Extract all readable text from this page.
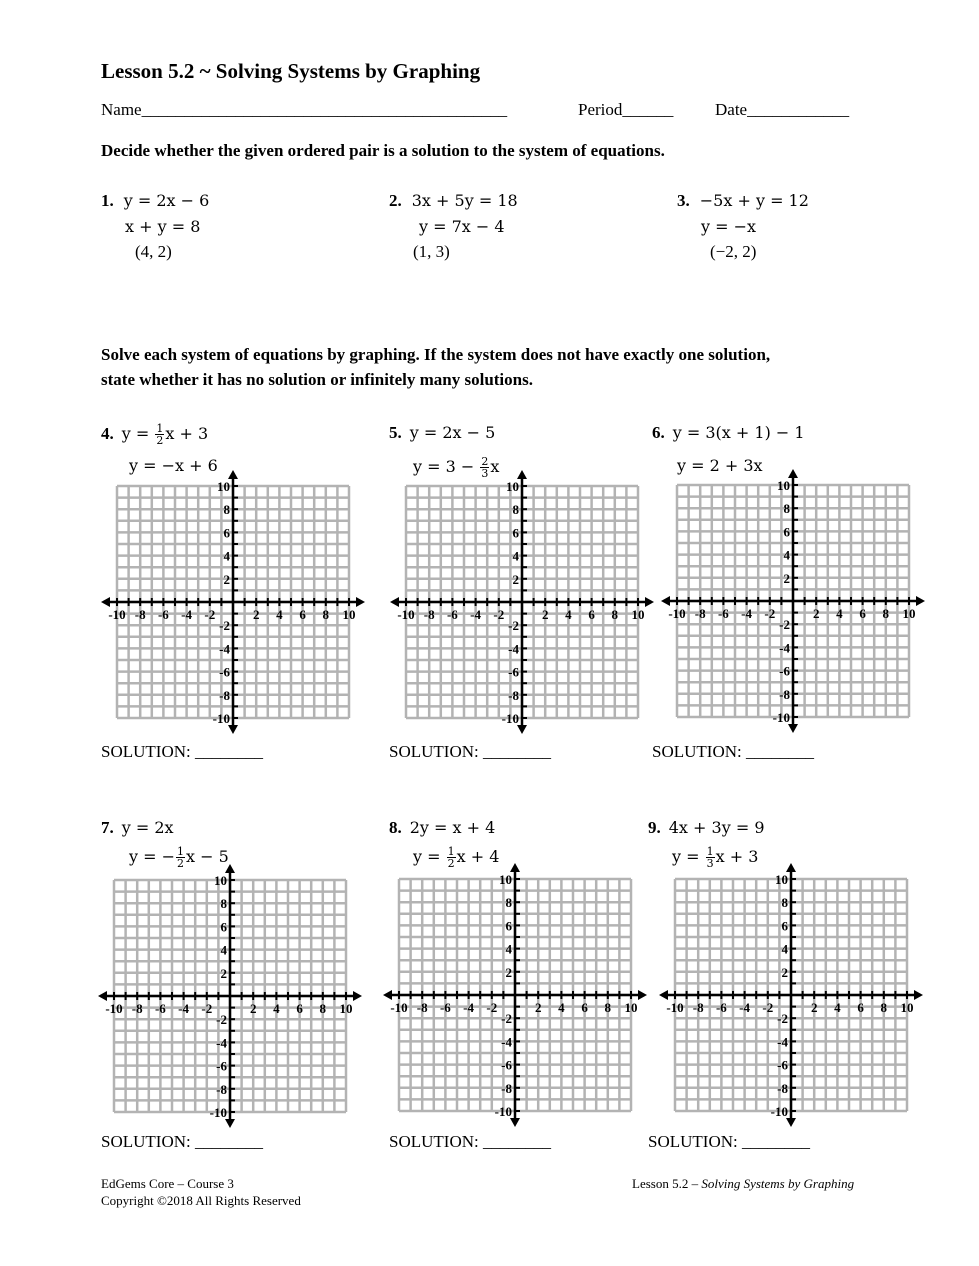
Lesson 5.2 ~ Solving Systems by Graphing
Name___________________________________________	Period______ Date____________
Decide whether the given ordered pair is a solution to the system of equations.
1. y = 2x − 6
x + y = 8
(4, 2)
2. 3x + 5y = 18
y = 7x − 4
(1, 3)
3. −5x + y = 12
y = −x
(−2, 2)
Solve each system of equations by graphing. If the system does not have exactly one solution,
state whether it has no solution or infinitely many solutions.
4. $y = \frac{1}{2}$ x + 3
y = −x + 6
SOLUTION: ________
-10 -8 -6 -4 -2	2 4 6 8 10
10
8
6
4
2
-2
-4
-6
-8
-10
5. y = 2x − 5
$y = 3 - \frac{2}{3}$ x
SOLUTION: ________
-10 -8 -6 -4 -2	2 4 6 8 10
10
8
6
4
2
-2
-4
-6
-8
-10
6. y = 3(x + 1) − 1
y = 2 + 3x
SOLUTION: ________
-10 -8 -6 -4 -2	2 4 6 8 10
10
8
6
4
2
-2
-4
-6
-8
-10
7. y = 2x
y = − $\frac{1}{2}$ x − 5
SOLUTION: ________
-10 -8 -6 -4 -2	2 4 6 8 10
10
8
6
4
2
-2
-4
-6
-8
-10
8. 2y = x + 4
$y = \frac{1}{2}$ x + 4
SOLUTION: ________
-10 -8 -6 -4 -2	2 4 6 8 10
10
8
6
4
2
-2
-4
-6
-8
-10
9. 4x + 3y = 9
$y = \frac{1}{3}$ x + 3
SOLUTION: ________
-10 -8 -6 -4 -2	2 4 6 8 10
10
8
6
4
2
-2
-4
-6
-8
-10
EdGems Core – Course 3
Copyright ©2018 All Rights Reserved
Lesson 5.2 – Solving Systems by Graphing
